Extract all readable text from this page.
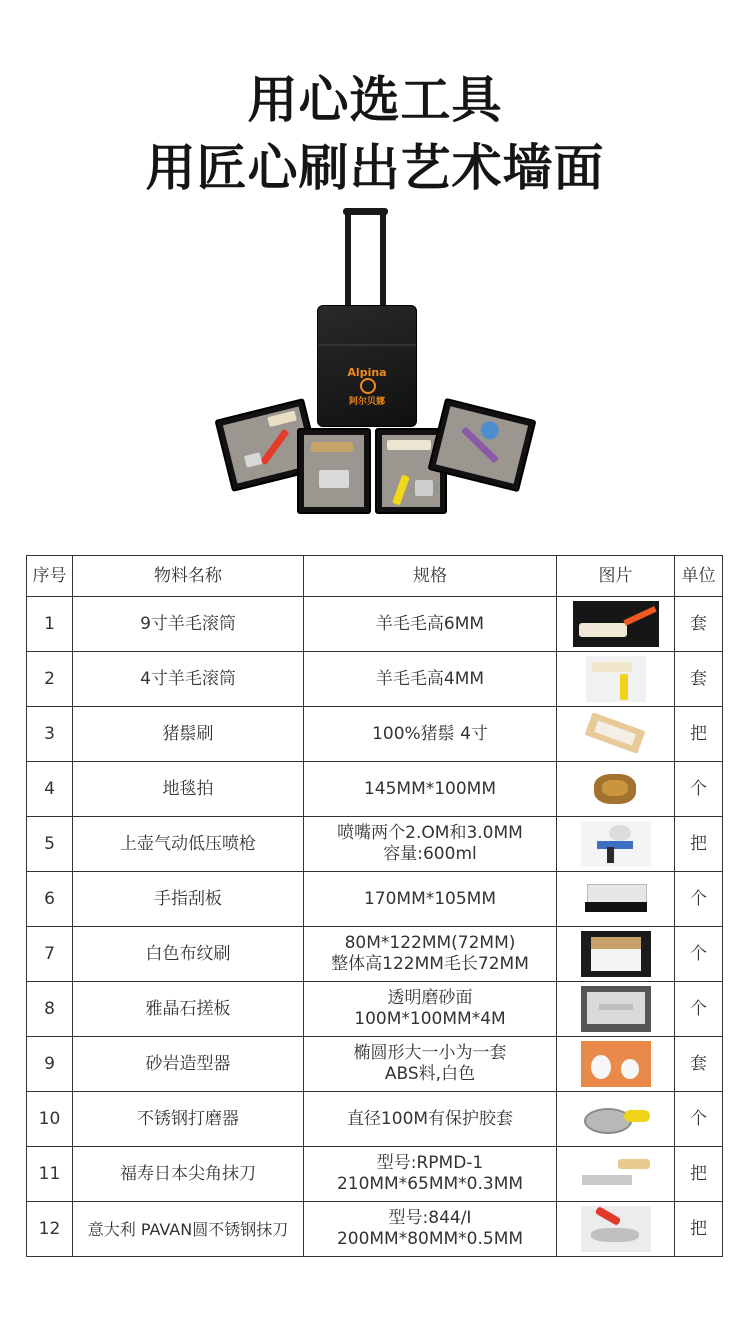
用心选工具
用匠心刷出艺术墙面
Alpina
阿尔贝娜
序号	物料名称	规格	图片	单位
1	9寸羊毛滚筒	羊毛毛高6MM		套
2	4寸羊毛滚筒	羊毛毛高4MM		套
3	猪鬃刷	100%猪鬃 4寸		把
4	地毯拍	145MM*100MM		个
5	上壶气动低压喷枪	喷嘴两个2.OM和3.0MM
容量:600ml		把
6	手指刮板	170MM*105MM		个
7	白色布纹刷	80M*122MM(72MM)
整体高122MM毛长72MM		个
8	雅晶石搓板	透明磨砂面
100M*100MM*4M		个
9	砂岩造型器	椭圆形大一小为一套
ABS料,白色		套
10	不锈钢打磨器	直径100M有保护胶套		个
11	福寿日本尖角抹刀	型号:RPMD-1
210MM*65MM*0.3MM		把
12	意大利 PAVAN圆不锈钢抹刀	型号:844/I
200MM*80MM*0.5MM		把
